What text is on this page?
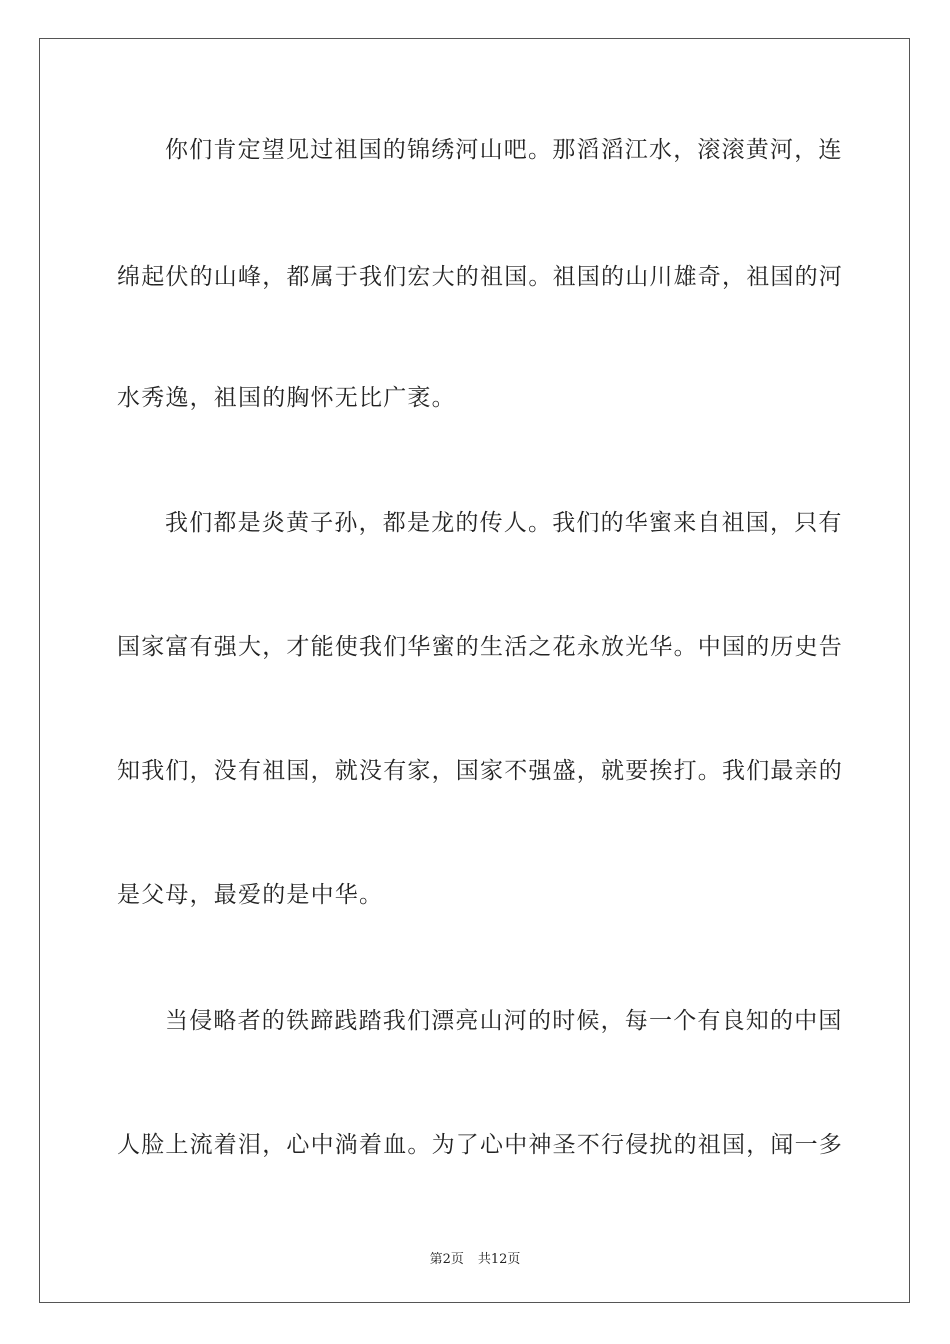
你们肯定望见过祖国的锦绣河山吧。那滔滔江水，滚滚黄河，连
绵起伏的山峰，都属于我们宏大的祖国。祖国的山川雄奇，祖国的河
水秀逸，祖国的胸怀无比广袤。
我们都是炎黄子孙，都是龙的传人。我们的华蜜来自祖国，只有
国家富有强大，才能使我们华蜜的生活之花永放光华。中国的历史告
知我们，没有祖国，就没有家，国家不强盛，就要挨打。我们最亲的
是父母，最爱的是中华。
当侵略者的铁蹄践踏我们漂亮山河的时候，每一个有良知的中国
人脸上流着泪，心中淌着血。为了心中神圣不行侵扰的祖国，闻一多
第2页 共12页
